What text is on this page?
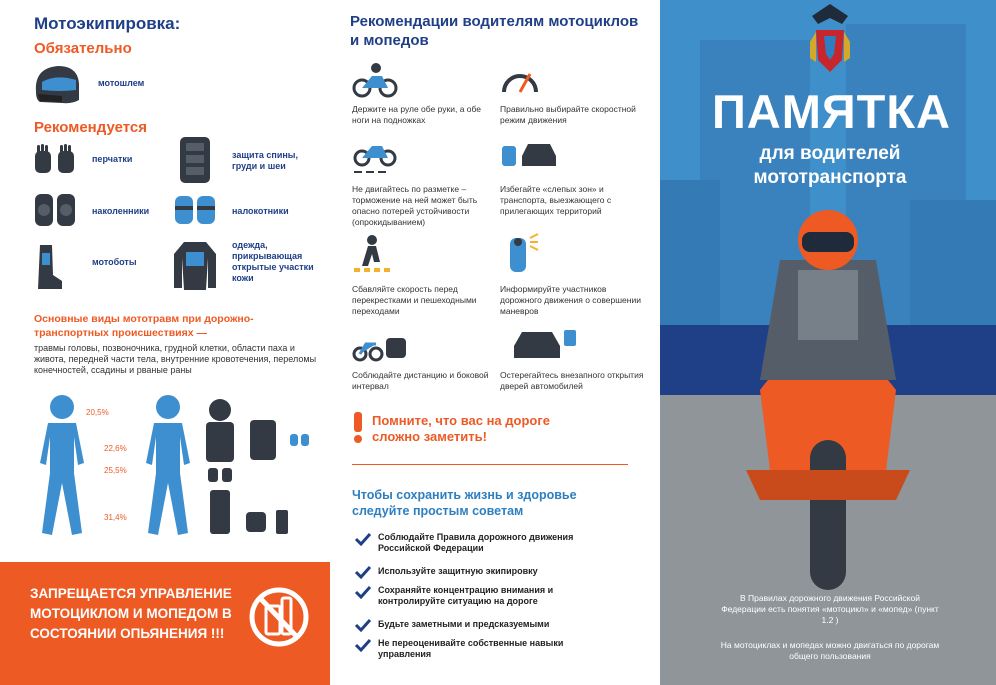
Мотоэкипировка:
Обязательно
мотошлем
Рекомендуется
перчатки
наколенники
мотоботы
защита спины, груди и шеи
налокотники
одежда, прикрывающая открытые участки кожи
Основные виды мототравм при дорожно-транспортных происшествиях —
травмы головы, позвоночника, грудной клетки, области паха и живота, передней части тела, внутренние кровотечения, переломы конечностей, ссадины и рваные раны
20,5%
22,6%
25,5%
31,4%
ЗАПРЕЩАЕТСЯ УПРАВЛЕНИЕ МОТОЦИКЛОМ И МОПЕДОМ В СОСТОЯНИИ ОПЬЯНЕНИЯ !!!
Рекомендации водителям мотоциклов и мопедов
Держите на руле обе руки, а обе ноги на подножках
Правильно выбирайте скоростной режим движения
Не двигайтесь по разметке – торможение на ней может быть опасно потерей устойчивости (опрокидыванием)
Избегайте «слепых зон» и транспорта, выезжающего с прилегающих территорий
Сбавляйте скорость перед перекрестками и пешеходными переходами
Информируйте участников дорожного движения о совершении маневров
Соблюдайте дистанцию и боковой интервал
Остерегайтесь внезапного открытия дверей автомобилей
Помните, что вас на дороге сложно заметить!
Чтобы сохранить жизнь и здоровье следуйте простым советам
Соблюдайте Правила дорожного движения Российской Федерации
Используйте защитную экипировку
Сохраняйте концентрацию внимания и контролируйте ситуацию на дороге
Будьте заметными и предсказуемыми
Не переоценивайте собственные навыки управления
ПАМЯТКА
для водителей мототранспорта
В Правилах дорожного движения Российской Федерации есть понятия «мотоцикл» и «мопед» (пункт 1.2 )
На мотоциклах и мопедах можно двигаться по дорогам общего пользования
